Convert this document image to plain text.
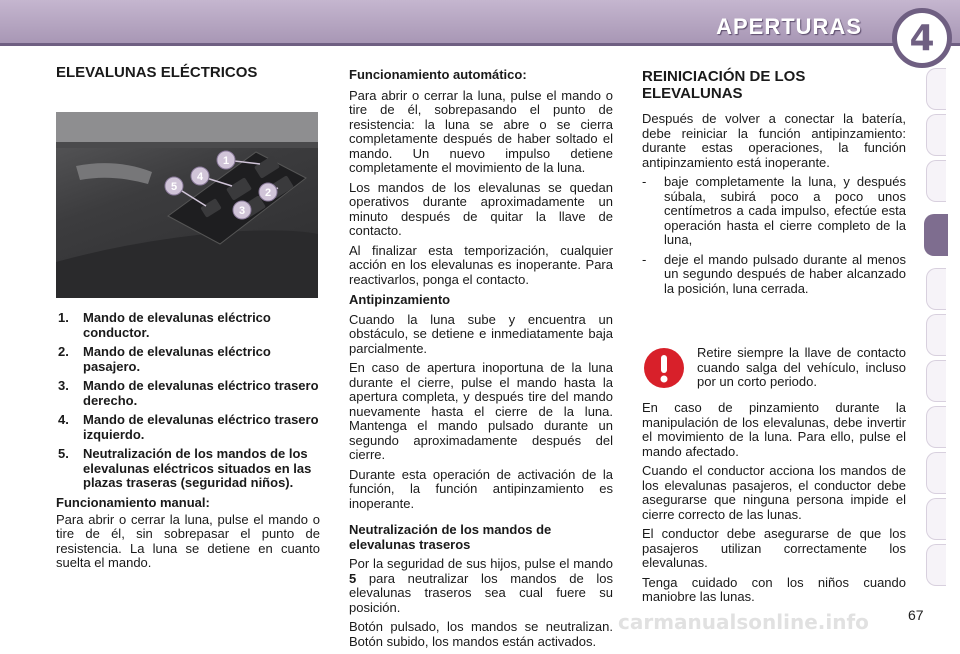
APERTURAS	4
ELEVALUNAS ELÉCTRICOS
1
2
3
4
5
1.	Mando de elevalunas eléctrico conductor.
2.	Mando de elevalunas eléctrico pasajero.
3.	Mando de elevalunas eléctrico trasero derecho.
4.	Mando de elevalunas eléctrico trasero izquierdo.
5.	Neutralización de los mandos de los elevalunas eléctricos situados en las plazas traseras (seguridad niños).
Funcionamiento manual:

Para abrir o cerrar la luna, pulse el mando o tire de él, sin sobrepasar el punto de resistencia. La luna se detiene en cuanto suelta el mando.

Funcionamiento automático:

Para abrir o cerrar la luna, pulse el mando o tire de él, sobrepasando el punto de resistencia: la luna se abre o se cierra completamente después de haber soltado el mando. Un nuevo impulso detiene completamente el movimiento de la luna.

Los mandos de los elevalunas se quedan operativos durante aproximadamente un minuto después de quitar la llave de contacto.

Al finalizar esta temporización, cualquier acción en los elevalunas es inoperante. Para reactivarlos, ponga el contacto.

Antipinzamiento

Cuando la luna sube y encuentra un obstáculo, se detiene e inmediatamente baja parcialmente.

En caso de apertura inoportuna de la luna durante el cierre, pulse el mando hasta la apertura completa, y después tire del mando nuevamente hasta el cierre de la luna. Mantenga el mando pulsado durante un segundo aproximadamente después del cierre.

Durante esta operación de activación de la función, la función antipinzamiento es inoperante.

Neutralización de los mandos de elevalunas traseros

Por la seguridad de sus hijos, pulse el mando 5 para neutralizar los mandos de los elevalunas traseros sea cual fuere su posición.

Botón pulsado, los mandos se neutralizan. Botón subido, los mandos están activados.

REINICIACIÓN DE LOS ELEVALUNAS

Después de volver a conectar la batería, debe reiniciar la función antipinzamiento: durante estas operaciones, la función antipinzamiento está inoperante.

-	baje completamente la luna, y después súbala, subirá poco a poco unos centímetros a cada impulso, efectúe esta operación hasta el cierre completo de la luna,
-	deje el mando pulsado durante al menos un segundo después de haber alcanzado la posición, luna cerrada.
Retire siempre la llave de contacto cuando salga del vehículo, incluso por un corto periodo.

En caso de pinzamiento durante la manipulación de los elevalunas, debe invertir el movimiento de la luna. Para ello, pulse el mando afectado.

Cuando el conductor acciona los mandos de los elevalunas pasajeros, el conductor debe asegurarse que ninguna persona impide el cierre correcto de las lunas.

El conductor debe asegurarse de que los pasajeros utilizan correctamente los elevalunas.

Tenga cuidado con los niños cuando maniobre las lunas.

carmanualsonline.info	67
